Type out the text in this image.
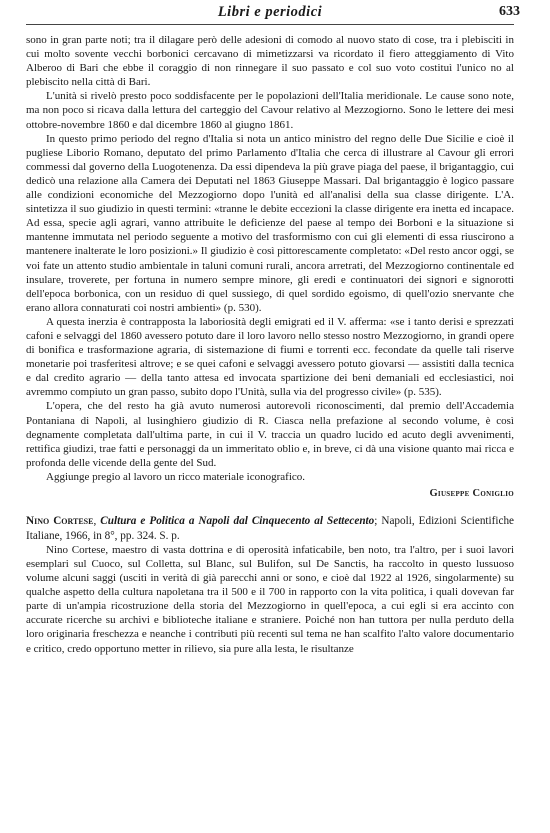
Libri e periodici	633

sono in gran parte noti; tra il dilagare però delle adesioni di comodo al nuovo stato di cose, tra i plebisciti in cui molto sovente vecchi borbonici cercavano di mimetizzarsi va ricordato il fiero atteggiamento di Vito Alberoo di Bari che ebbe il coraggio di non rinnegare il suo passato e col suo voto costituì l'unico no al plebiscito nella città di Bari.

L'unità si rivelò presto poco soddisfacente per le popolazioni dell'Italia meridionale. Le cause sono note, ma non poco si ricava dalla lettura del carteggio del Cavour relativo al Mezzogiorno. Sono le lettere dei mesi ottobre-novembre 1860 e dal dicembre 1860 al giugno 1861.

In questo primo periodo del regno d'Italia si nota un antico ministro del regno delle Due Sicilie e cioè il pugliese Liborio Romano, deputato del primo Parlamento d'Italia che cerca di illustrare al Cavour gli errori commessi dal governo della Luogotenenza. Da essi dipendeva la più grave piaga del paese, il brigantaggio, cui dedicò una relazione alla Camera dei Deputati nel 1863 Giuseppe Massari. Dal brigantaggio è logico passare alle condizioni economiche del Mezzogiorno dopo l'unità ed all'analisi della sua classe dirigente. L'A. sintetizza il suo giudizio in questi termini: «tranne le debite eccezioni la classe dirigente era inetta ed incapace. Ad essa, specie agli agrari, vanno attribuite le deficienze del paese al tempo dei Borboni e la situazione si mantenne immutata nel periodo seguente a motivo del trasformismo con cui gli elementi di essa riuscirono a mantenere inalterate le loro posizioni.» Il giudizio è così pittorescamente completato: «Del resto ancor oggi, se voi fate un attento studio ambientale in taluni comuni rurali, ancora arretrati, del Mezzogiorno continentale ed insulare, troverete, per fortuna in numero sempre minore, gli eredi e continuatori dei signori e signorotti dell'epoca borbonica, con un residuo di quel sussiego, di quel sordido egoismo, di quell'ozio snervante che erano allora connaturati coi nostri ambienti» (p. 530).

A questa inerzia è contrapposta la laboriosità degli emigrati ed il V. afferma: «se i tanto derisi e sprezzati cafoni e selvaggi del 1860 avessero potuto dare il loro lavoro nello stesso nostro Mezzogiorno, in grandi opere di bonifica e trasformazione agraria, di sistemazione di fiumi e torrenti ecc. fecondate da quelle tali riserve monetarie poi trasferitesi altrove; e se quei cafoni e selvaggi avessero potuto giovarsi — assistiti dalla tecnica e dal credito agrario — della tanto attesa ed invocata spartizione dei beni demaniali ed ecclesiastici, noi avremmo compiuto un gran passo, subito dopo l'Unità, sulla via del progresso civile» (p. 535).

L'opera, che del resto ha già avuto numerosi autorevoli riconoscimenti, dal premio dell'Accademia Pontaniana di Napoli, al lusinghiero giudizio di R. Ciasca nella prefazione al secondo volume, è così degnamente completata dall'ultima parte, in cui il V. traccia un quadro lucido ed acuto degli avvenimenti, rettifica giudizi, trae fatti e personaggi da un immeritato oblio e, in breve, ci dà una visione quanto mai ricca e profonda delle vicende della gente del Sud.

Aggiunge pregio al lavoro un ricco materiale iconografico.

Giuseppe Coniglio
Nino Cortese, Cultura e Politica a Napoli dal Cinquecento al Settecento; Napoli, Edizioni Scientifiche Italiane, 1966, in 8°, pp. 324. S. p.

Nino Cortese, maestro di vasta dottrina e di operosità infaticabile, ben noto, tra l'altro, per i suoi lavori esemplari sul Cuoco, sul Colletta, sul Blanc, sul Bulifon, sul De Sanctis, ha raccolto in questo lussuoso volume alcuni saggi (usciti in verità di già parecchi anni or sono, e cioè dal 1922 al 1926, singolarmente) su qualche aspetto della cultura napoletana tra il 500 e il 700 in rapporto con la vita politica, i quali dovevan far parte di un'ampia ricostruzione della storia del Mezzogiorno in quell'epoca, a cui egli si era accinto con accurate ricerche su archivi e biblioteche italiane e straniere. Poiché non han tuttora per nulla perduto della loro originaria freschezza e neanche i contributi più recenti sul tema ne han scalfito l'alto valore documentario e critico, credo opportuno metter in rilievo, sia pure alla lesta, le risultanze
